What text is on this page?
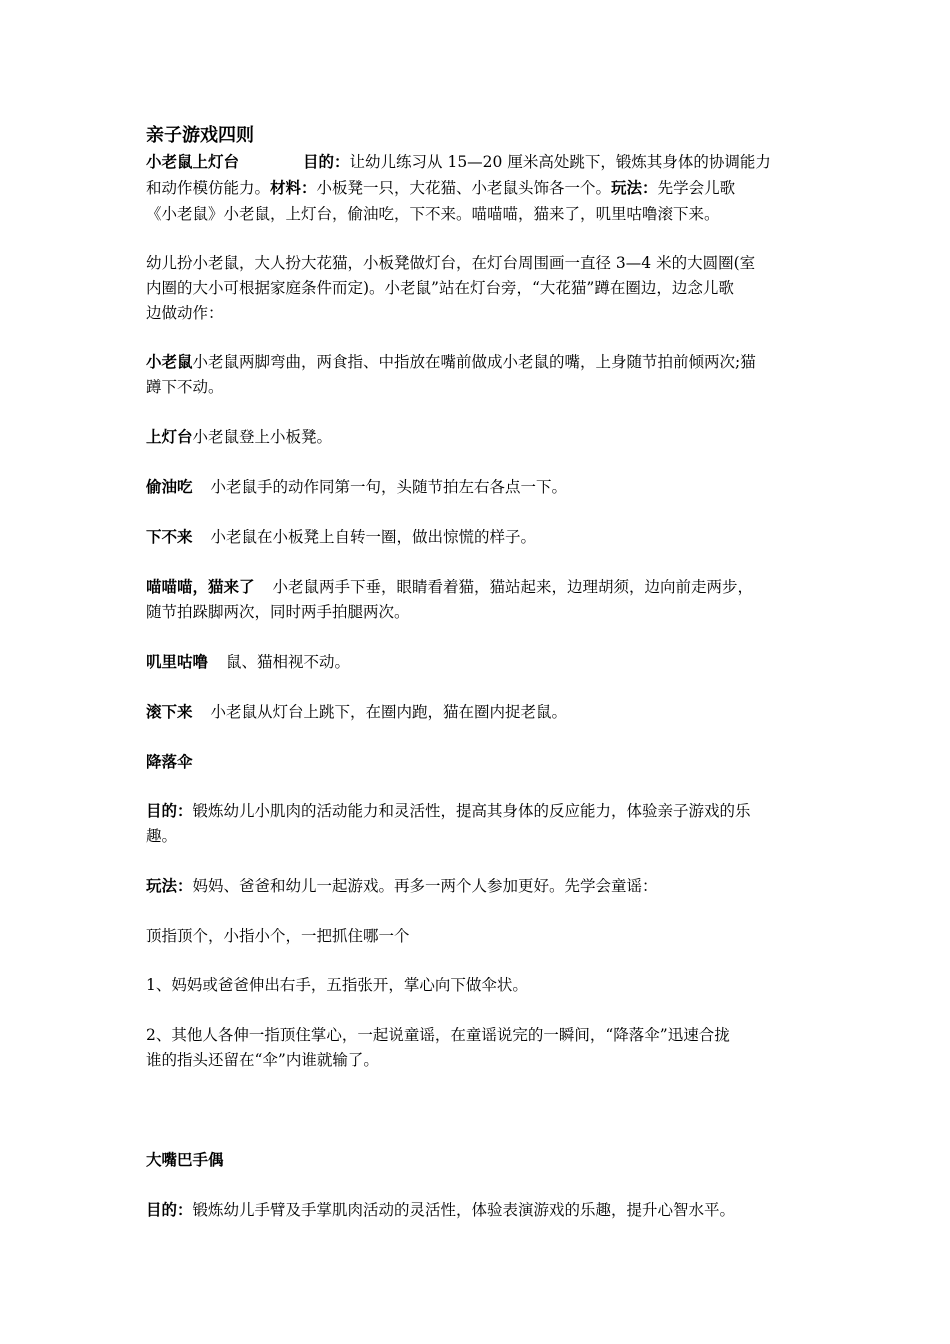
亲子游戏四则
小老鼠上灯台	目的：让幼儿练习从 15—20 厘米高处跳下，锻炼其身体的协调能力
和动作模仿能力。材料：小板凳一只，大花猫、小老鼠头饰各一个。玩法：先学会儿歌
《小老鼠》小老鼠，上灯台，偷油吃，下不来。喵喵喵，猫来了，叽里咕噜滚下来。
幼儿扮小老鼠，大人扮大花猫，小板凳做灯台，在灯台周围画一直径 3—4 米的大圆圈(室
内圈的大小可根据家庭条件而定)。小老鼠”站在灯台旁，“大花猫”蹲在圈边，边念儿歌
边做动作：
小老鼠小老鼠两脚弯曲，两食指、中指放在嘴前做成小老鼠的嘴，上身随节拍前倾两次;猫
蹲下不动。
上灯台小老鼠登上小板凳。
偷油吃 小老鼠手的动作同第一句，头随节拍左右各点一下。
下不来 小老鼠在小板凳上自转一圈，做出惊慌的样子。
喵喵喵，猫来了 小老鼠两手下垂，眼睛看着猫，猫站起来，边理胡须，边向前走两步，
随节拍跺脚两次，同时两手拍腿两次。
叽里咕噜 鼠、猫相视不动。
滚下来 小老鼠从灯台上跳下，在圈内跑，猫在圈内捉老鼠。
降落伞
目的：锻炼幼儿小肌肉的活动能力和灵活性，提高其身体的反应能力，体验亲子游戏的乐
趣。
玩法：妈妈、爸爸和幼儿一起游戏。再多一两个人参加更好。先学会童谣：
顶指顶个，小指小个，一把抓住哪一个
1、妈妈或爸爸伸出右手，五指张开，掌心向下做伞状。
2、其他人各伸一指顶住掌心，一起说童谣，在童谣说完的一瞬间，“降落伞”迅速合拢
谁的指头还留在“伞”内谁就输了。
大嘴巴手偶
目的：锻炼幼儿手臂及手掌肌肉活动的灵活性，体验表演游戏的乐趣，提升心智水平。
